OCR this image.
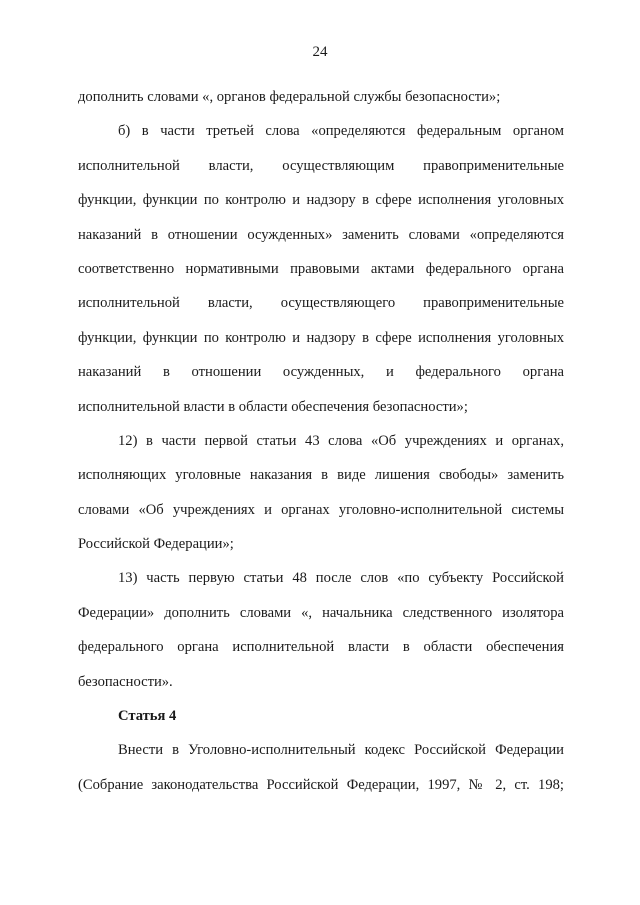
24
дополнить словами «, органов федеральной службы безопасности»;
б) в части третьей слова «определяются федеральным органом
исполнительной власти, осуществляющим правоприменительные
функции, функции по контролю и надзору в сфере исполнения уголовных
наказаний в отношении осужденных» заменить словами «определяются
соответственно нормативными правовыми актами федерального органа
исполнительной власти, осуществляющего правоприменительные
функции, функции по контролю и надзору в сфере исполнения уголовных
наказаний в отношении осужденных, и федерального органа
исполнительной власти в области обеспечения безопасности»;
12) в части первой статьи 43 слова «Об учреждениях и органах,
исполняющих уголовные наказания в виде лишения свободы» заменить
словами «Об учреждениях и органах уголовно-исполнительной системы
Российской Федерации»;
13) часть первую статьи 48 после слов «по субъекту Российской
Федерации» дополнить словами «, начальника следственного изолятора
федерального органа исполнительной власти в области обеспечения
безопасности».
Статья 4
Внести в Уголовно-исполнительный кодекс Российской Федерации
(Собрание законодательства Российской Федерации, 1997, № 2, ст. 198;
